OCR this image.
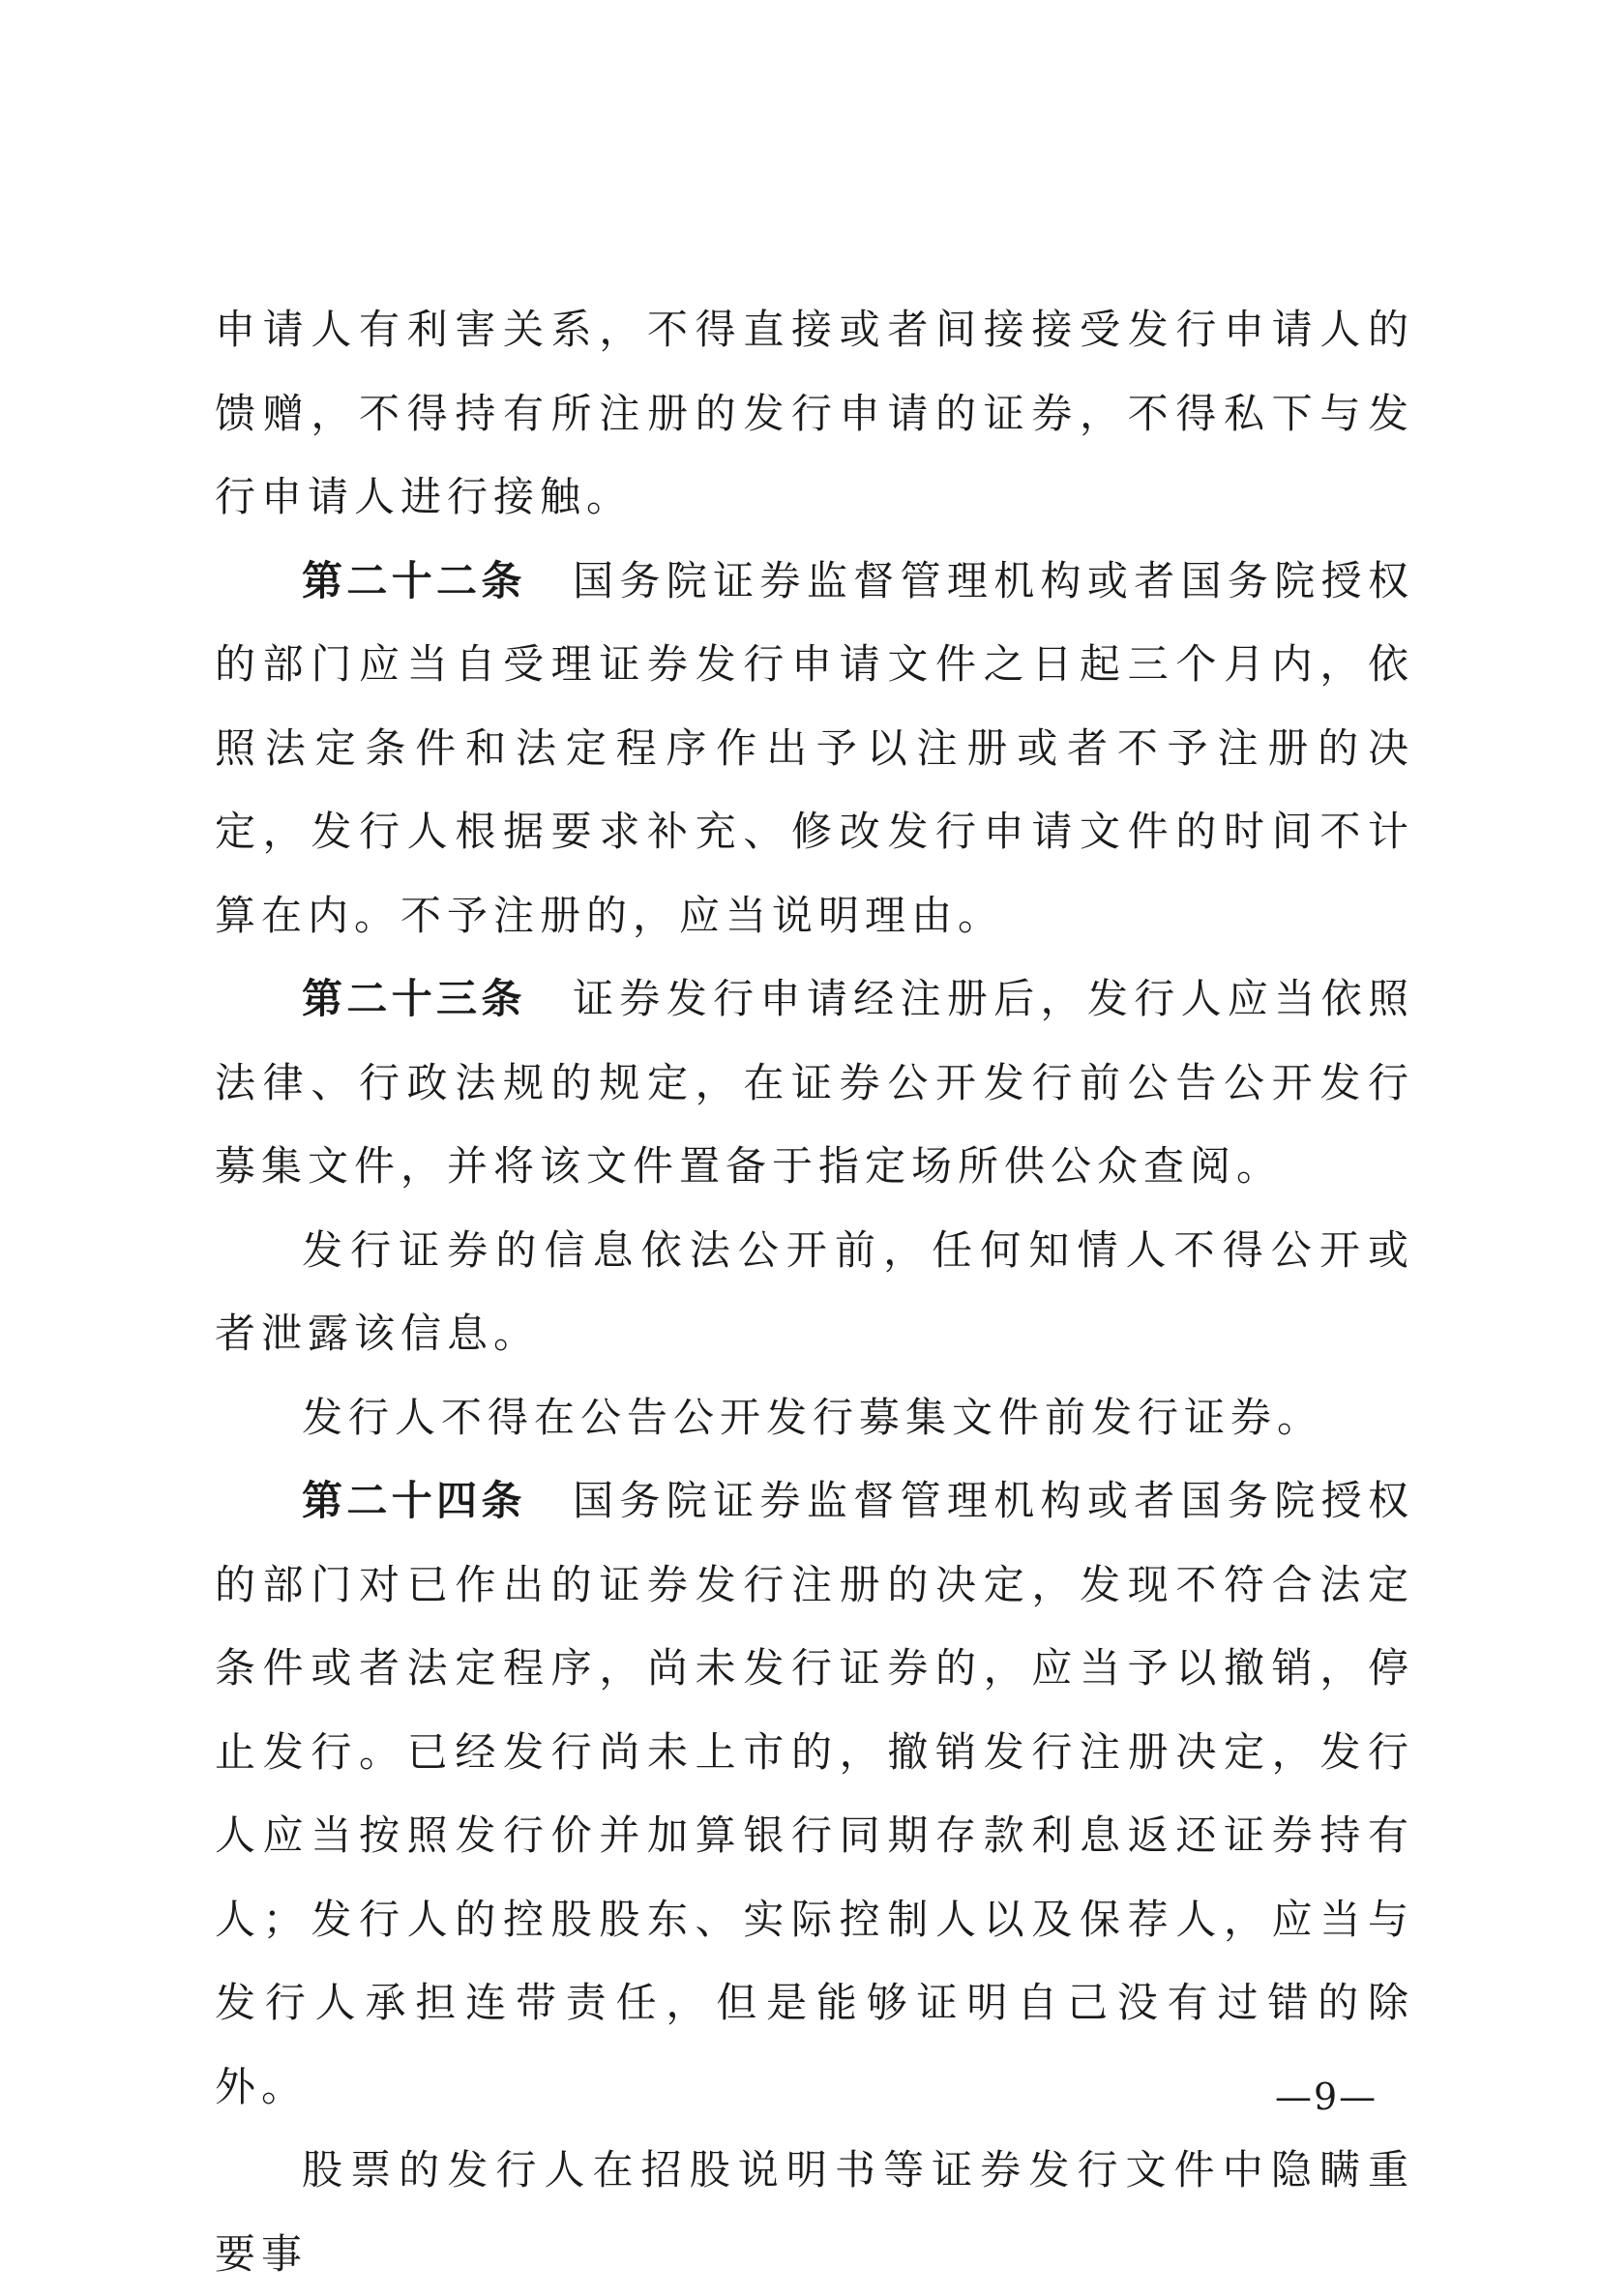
申请人有利害关系，不得直接或者间接接受发行申请人的馈赠，不得持有所注册的发行申请的证券，不得私下与发行申请人进行接触。

第二十二条 国务院证券监督管理机构或者国务院授权的部门应当自受理证券发行申请文件之日起三个月内，依照法定条件和法定程序作出予以注册或者不予注册的决定，发行人根据要求补充、修改发行申请文件的时间不计算在内。不予注册的，应当说明理由。

第二十三条 证券发行申请经注册后，发行人应当依照法律、行政法规的规定，在证券公开发行前公告公开发行募集文件，并将该文件置备于指定场所供公众查阅。

发行证券的信息依法公开前，任何知情人不得公开或者泄露该信息。

发行人不得在公告公开发行募集文件前发行证券。

第二十四条 国务院证券监督管理机构或者国务院授权的部门对已作出的证券发行注册的决定，发现不符合法定条件或者法定程序，尚未发行证券的，应当予以撤销，停止发行。已经发行尚未上市的，撤销发行注册决定，发行人应当按照发行价并加算银行同期存款利息返还证券持有人；发行人的控股股东、实际控制人以及保荐人，应当与发行人承担连带责任，但是能够证明自己没有过错的除外。

股票的发行人在招股说明书等证券发行文件中隐瞒重要事

—9—
